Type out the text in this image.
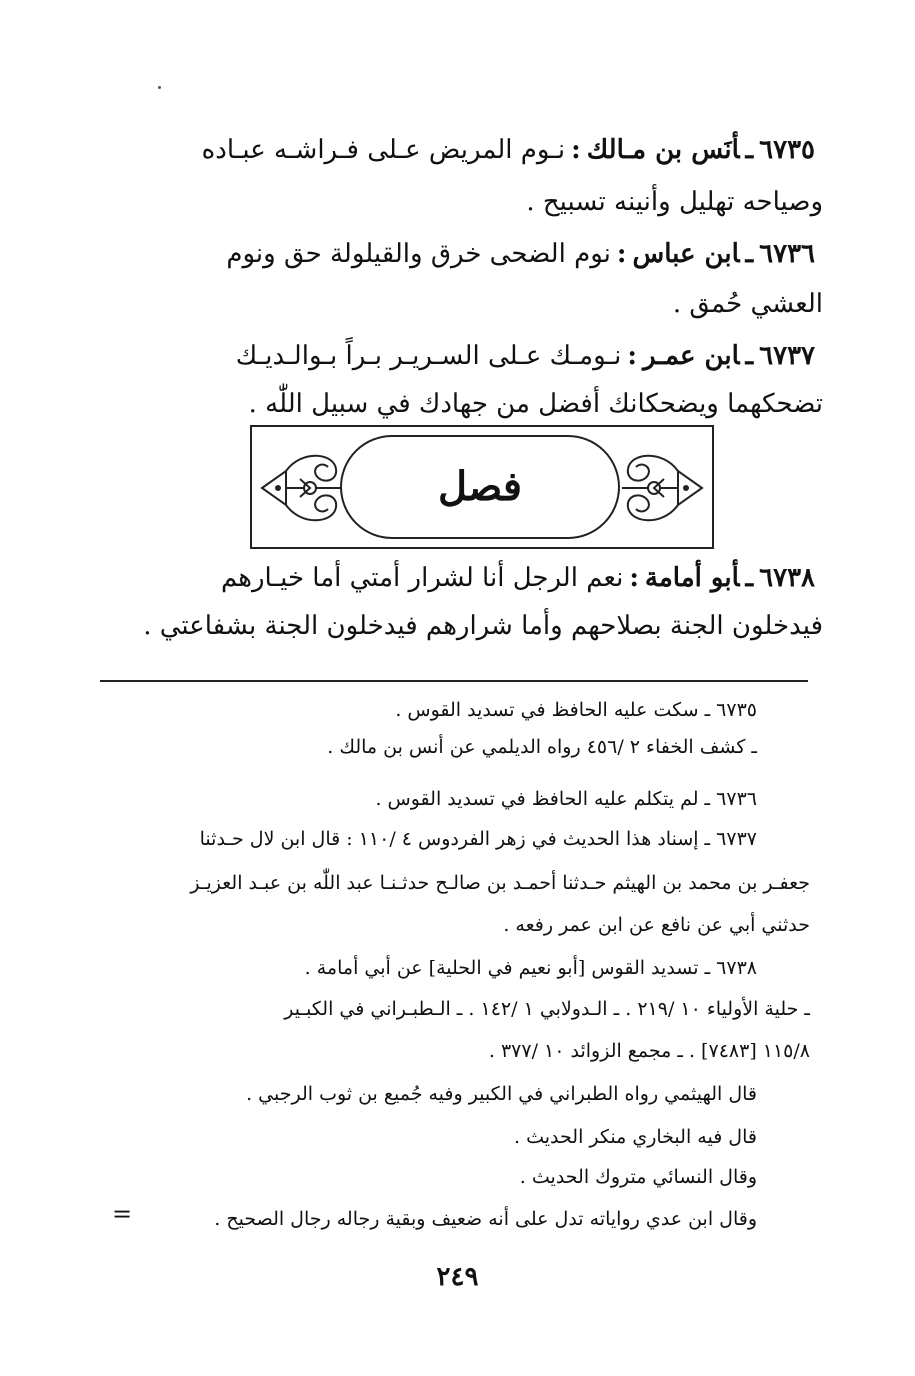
٦٧٣٥ـأنَس بن مـالك:نـوم المريض عـلى فـراشـه عبـاده

وصياحه تهليل وأنينه تسبيح .

٦٧٣٦ـابن عباس:نوم الضحى خرق والقيلولة حق ونوم

العشي حُمق .

٦٧٣٧ـابن عمـر:نـومـك عـلى السـريـر بـراً بـوالـديـك

تضحكهما ويضحكانك أفضل من جهادك في سبيل اللّٰه .

فصل

٦٧٣٨ـأبو أمامة:نعم الرجل أنا لشرار أمتي أما خيـارهم

فيدخلون الجنة بصلاحهم وأما شرارهم فيدخلون الجنة بشفاعتي .

٦٧٣٥ ـ سكت عليه الحافظ في تسديد القوس .

ـ كشف الخفاء ٢ /٤٥٦ رواه الديلمي عن أنس بن مالك .

٦٧٣٦ ـ لم يتكلم عليه الحافظ في تسديد القوس .

٦٧٣٧ ـ إسناد هذا الحديث في زهر الفردوس ٤ /١١٠ : قال ابن لال حـدثنا

جعفـر بن محمد بن الهيثم حـدثنا أحمـد بن صالـح حدثـنـا عبد اللّٰه بن عبـد العزيـز

حدثني أبي عن نافع عن ابن عمر رفعه .

٦٧٣٨ ـ تسديد القوس [أبو نعيم في الحلية] عن أبي أمامة .

ـ حلية الأولياء ١٠ /٢١٩ . ـ الـدولابي ١ /١٤٢ . ـ الـطبـراني في الكبـير

١١٥/٨ [٧٤٨٣] . ـ مجمع الزوائد ١٠ /٣٧٧ .

قال الهيثمي رواه الطبراني في الكبير وفيه جُميع بن ثوب الرجبي .

قال فيه البخاري منكر الحديث .

وقال النسائي متروك الحديث .

وقال ابن عدي رواياته تدل على أنه ضعيف وبقية رجاله رجال الصحيح .

=
٢٤٩
